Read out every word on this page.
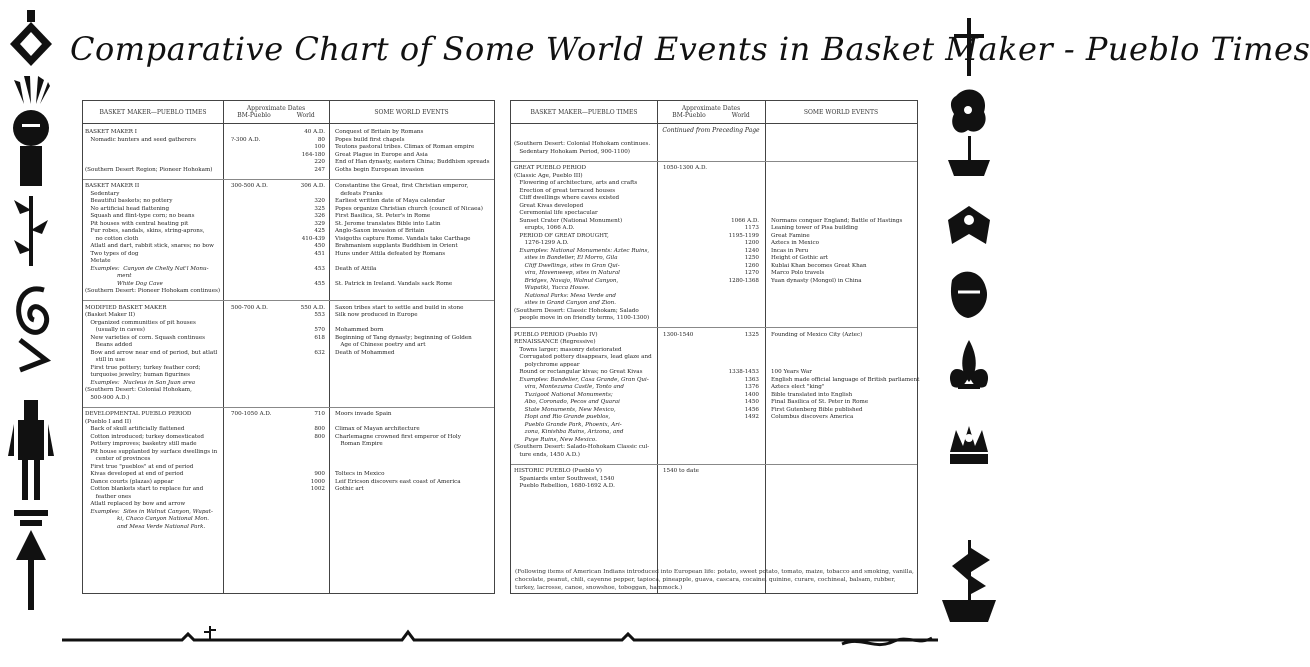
Comparative Chart of Some World Events in Basket Maker - Pueblo Times
BASKET MAKER—PUEBLO TIMES	Approximate Dates
BM-Pueblo	World	SOME WORLD EVENTS
BASKET MAKER I	40 A.D. Conquest of Britain by Romans
Nomadic hunters and seed gatherers	?-300 A.D.	80 Popes build first chapels
100 Teutons pastoral tribes. Climax of Roman empire
164-180 Great Plague in Europe and Asia
220 End of Han dynasty, eastern China; Buddhism spreads
(Southern Desert Region; Pioneer Hohokam)	247 Goths begin European invasion
BASKET MAKER II	300-500 A.D.	306 A.D. Constantine the Great, first Christian emperor,
Sedentary	defeats Franks
Beautiful baskets; no pottery	320 Earliest written date of Maya calendar
No artificial head flattening	325 Popes organize Christian church (council of Nicaea)
Squash and flint-type corn; no beans	326 First Basilica, St. Peter's in Rome
Pit houses with central heating pit	329 St. Jerome translates Bible into Latin
Fur robes, sandals, skins, string-aprons,	425 Anglo-Saxon invasion of Britain
no cotton cloth	410-439 Visigoths capture Rome. Vandals take Carthage
Atlatl and dart, rabbit stick, snares; no bow	450 Brahmanism supplants Buddhism in Orient
Two types of dog	451 Huns under Attila defeated by Romans
Metate
Examples:  Canyon de Chelly Nat'l Monu-	453 Death of Attila
ment
White Dog Cave	455 St. Patrick in Ireland. Vandals sack Rome
(Southern Desert: Pioneer Hohokam continues)
MODIFIED BASKET MAKER	500-700 A.D.	550 A.D. Saxon tribes start to settle and build in stone
(Basket Maker II)	553 Silk now produced in Europe
Organized communities of pit houses
(usually in caves)	570 Mohammed born
New varieties of corn. Squash continues	618 Beginning of Tang dynasty; beginning of Golden
Beans added	Age of Chinese poetry and art
Bow and arrow near end of period, but atlatl	632 Death of Mohammed
still in use
First true pottery; turkey feather cord;
turquoise jewelry; human figurines
Examples:  Nucleus in San Juan area
(Southern Desert: Colonial Hohokam,
500-900 A.D.)
DEVELOPMENTAL PUEBLO PERIOD	700-1050 A.D.	710 Moors invade Spain
(Pueblo I and II)
Back of skull artificially flattened	800 Climax of Mayan architecture
Cotton introduced; turkey domesticated	800 Charlemagne crowned first emperor of Holy
Pottery improves; basketry still made	Roman Empire
Pit house supplanted by surface dwellings in
center of provinces
First true "pueblos" at end of period
Kivas developed at end of period	900 Toltecs in Mexico
Dance courts (plazas) appear	1000 Leif Ericson discovers east coast of America
Cotton blankets start to replace fur and	1002 Gothic art
feather ones
Atlatl replaced by bow and arrow
Examples:  Sites in Walnut Canyon, Wupat-
ki, Chaco Canyon National Mon.
and Mesa Verde National Park.
BASKET MAKER—PUEBLO TIMES	Approximate Dates
BM-Pueblo	World	SOME WORLD EVENTS
Continued from Preceding Page
(Southern Desert: Colonial Hohokam continues.
Sedentary Hohokam Period, 900-1100)
GREAT PUEBLO PERIOD	1050-1300 A.D.
(Classic Age, Pueblo III)
Flowering of architecture, arts and crafts
Erection of great terraced houses
Cliff dwellings where caves existed
Great Kivas developed
Ceremonial life spectacular
Sunset Crater (National Monument)	1066 A.D. Normans conquer England; Battle of Hastings
erupts, 1066 A.D.	1173 Leaning tower of Pisa building
PERIOD OF GREAT DROUGHT,	1195-1199 Great Famine
1276-1299 A.D.	1200 Aztecs in Mexico
Examples: National Monuments: Aztec Ruins,	1240 Incas in Peru
sites in Bandelier, El Morro, Gila	1250 Height of Gothic art
Cliff Dwellings, sites in Gran Qui-	1260 Kublai Khan becomes Great Khan
vira, Hovenweep, sites in Natural	1270 Marco Polo travels
Bridges, Navajo, Walnut Canyon,	1280-1368 Yuan dynasty (Mongol) in China
Wupatki, Yucca House.
National Parks: Mesa Verde and
sites in Grand Canyon and Zion.
(Southern Desert: Classic Hohokam; Salado
people move in on friendly terms, 1100-1300)
PUEBLO PERIOD (Pueblo IV)	1300-1540	1325 Founding of Mexico City (Aztec)
RENAISSANCE (Regressive)
Towns larger; masonry deteriorated
Corrugated pottery disappears, lead glaze and
polychrome appear
Round or rectangular kivas; no Great Kivas	1338-1453 100 Years War
Examples: Bandelier, Casa Grande, Gran Qui-	1363 English made official language of British parliament
vira, Montezuma Castle, Tonto and	1376 Aztecs elect "king"
Tuzigoot National Monuments;	1400 Bible translated into English
Abo, Coronado, Pecos and Quarai	1450 Final Basilica of St. Peter in Rome
State Monuments, New Mexico,	1456 First Gutenberg Bible published
Hopi and Rio Grande pueblos,	1492 Columbus discovers America
Pueblo Grande Park, Phoenix, Ari-
zona, Kinishba Ruins, Arizona, and
Puye Ruins, New Mexico.
(Southern Desert: Salado-Hohokam Classic cul-
ture ends, 1450 A.D.)
HISTORIC PUEBLO (Pueblo V)	1540 to date
Spaniards enter Southwest, 1540
Pueblo Rebellion, 1680-1692 A.D.
(Following items of American Indians introduced into European life: potato, sweet potato, tomato, maize, tobacco and smoking, vanilla, chocolate, peanut, chili, cayenne pepper, tapioca, pineapple, guava, cascara, cocaine, quinine, curare, cochineal, balsam, rubber, turkey, lacrosse, canoe, snowshoe, toboggan, hammock.)
